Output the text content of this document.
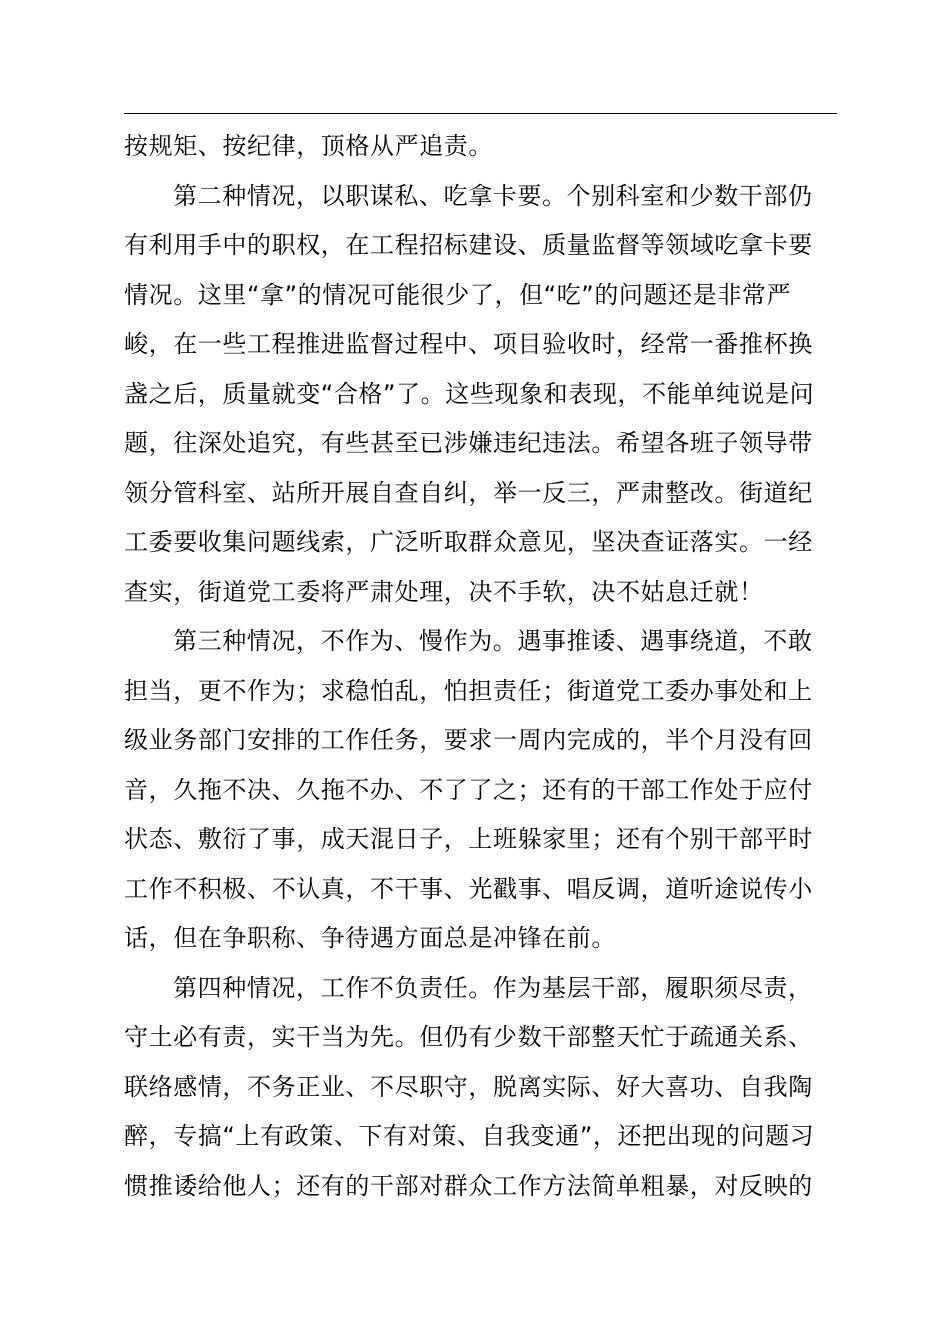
按规矩、按纪律，顶格从严追责。

第二种情况，以职谋私、吃拿卡要。个别科室和少数干部仍
有利用手中的职权，在工程招标建设、质量监督等领域吃拿卡要
情况。这里“拿”的情况可能很少了，但“吃”的问题还是非常严
峻，在一些工程推进监督过程中、项目验收时，经常一番推杯换
盏之后，质量就变“合格”了。这些现象和表现，不能单纯说是问
题，往深处追究，有些甚至已涉嫌违纪违法。希望各班子领导带
领分管科室、站所开展自查自纠，举一反三，严肃整改。街道纪
工委要收集问题线索，广泛听取群众意见，坚决查证落实。一经
查实，街道党工委将严肃处理，决不手软，决不姑息迁就！

第三种情况，不作为、慢作为。遇事推诿、遇事绕道，不敢
担当，更不作为；求稳怕乱，怕担责任；街道党工委办事处和上
级业务部门安排的工作任务，要求一周内完成的，半个月没有回
音，久拖不决、久拖不办、不了了之；还有的干部工作处于应付
状态、敷衍了事，成天混日子，上班躲家里；还有个别干部平时
工作不积极、不认真，不干事、光戳事、唱反调，道听途说传小
话，但在争职称、争待遇方面总是冲锋在前。

第四种情况，工作不负责任。作为基层干部，履职须尽责，
守土必有责，实干当为先。但仍有少数干部整天忙于疏通关系、
联络感情，不务正业、不尽职守，脱离实际、好大喜功、自我陶
醉，专搞“上有政策、下有对策、自我变通”，还把出现的问题习
惯推诿给他人；还有的干部对群众工作方法简单粗暴，对反映的
